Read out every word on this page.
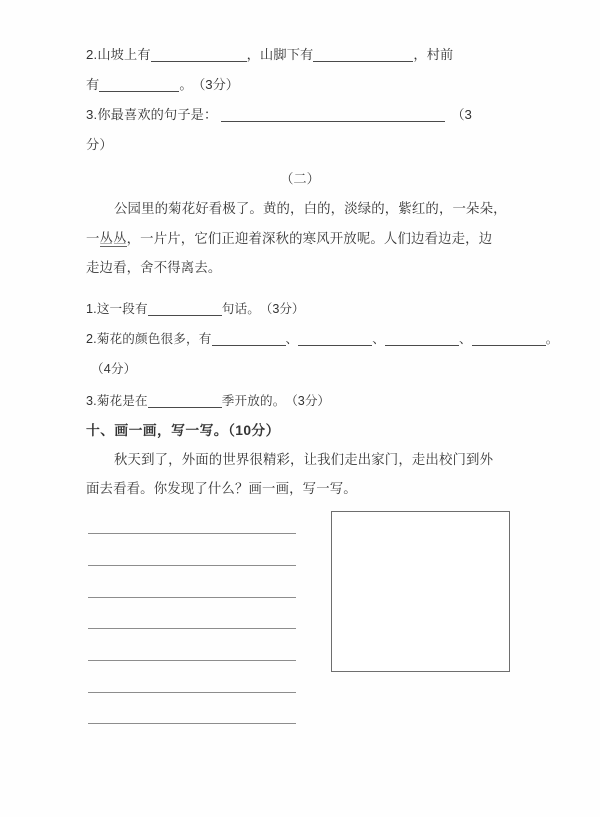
2.山坡上有	，山脚下有	，村前
有	。 （3分）
3.你最喜欢的句子是：	（3
分）
（二）
公园里的菊花好看极了。黄的，白的，淡绿的，紫红的，一朵朵，
一丛丛，一片片，它们正迎着深秋的寒风开放呢。人们边看边走，边
走边看，舍不得离去。
1.这一段有	句话。 （3分）
2.菊花的颜色很多，有	、	、	、	。
（4分）
3.菊花是在	季开放的。 （3分）
十、画一画，写一写。（10分）
秋天到了，外面的世界很精彩，让我们走出家门，走出校门到外
面去看看。你发现了什么？画一画，写一写。
